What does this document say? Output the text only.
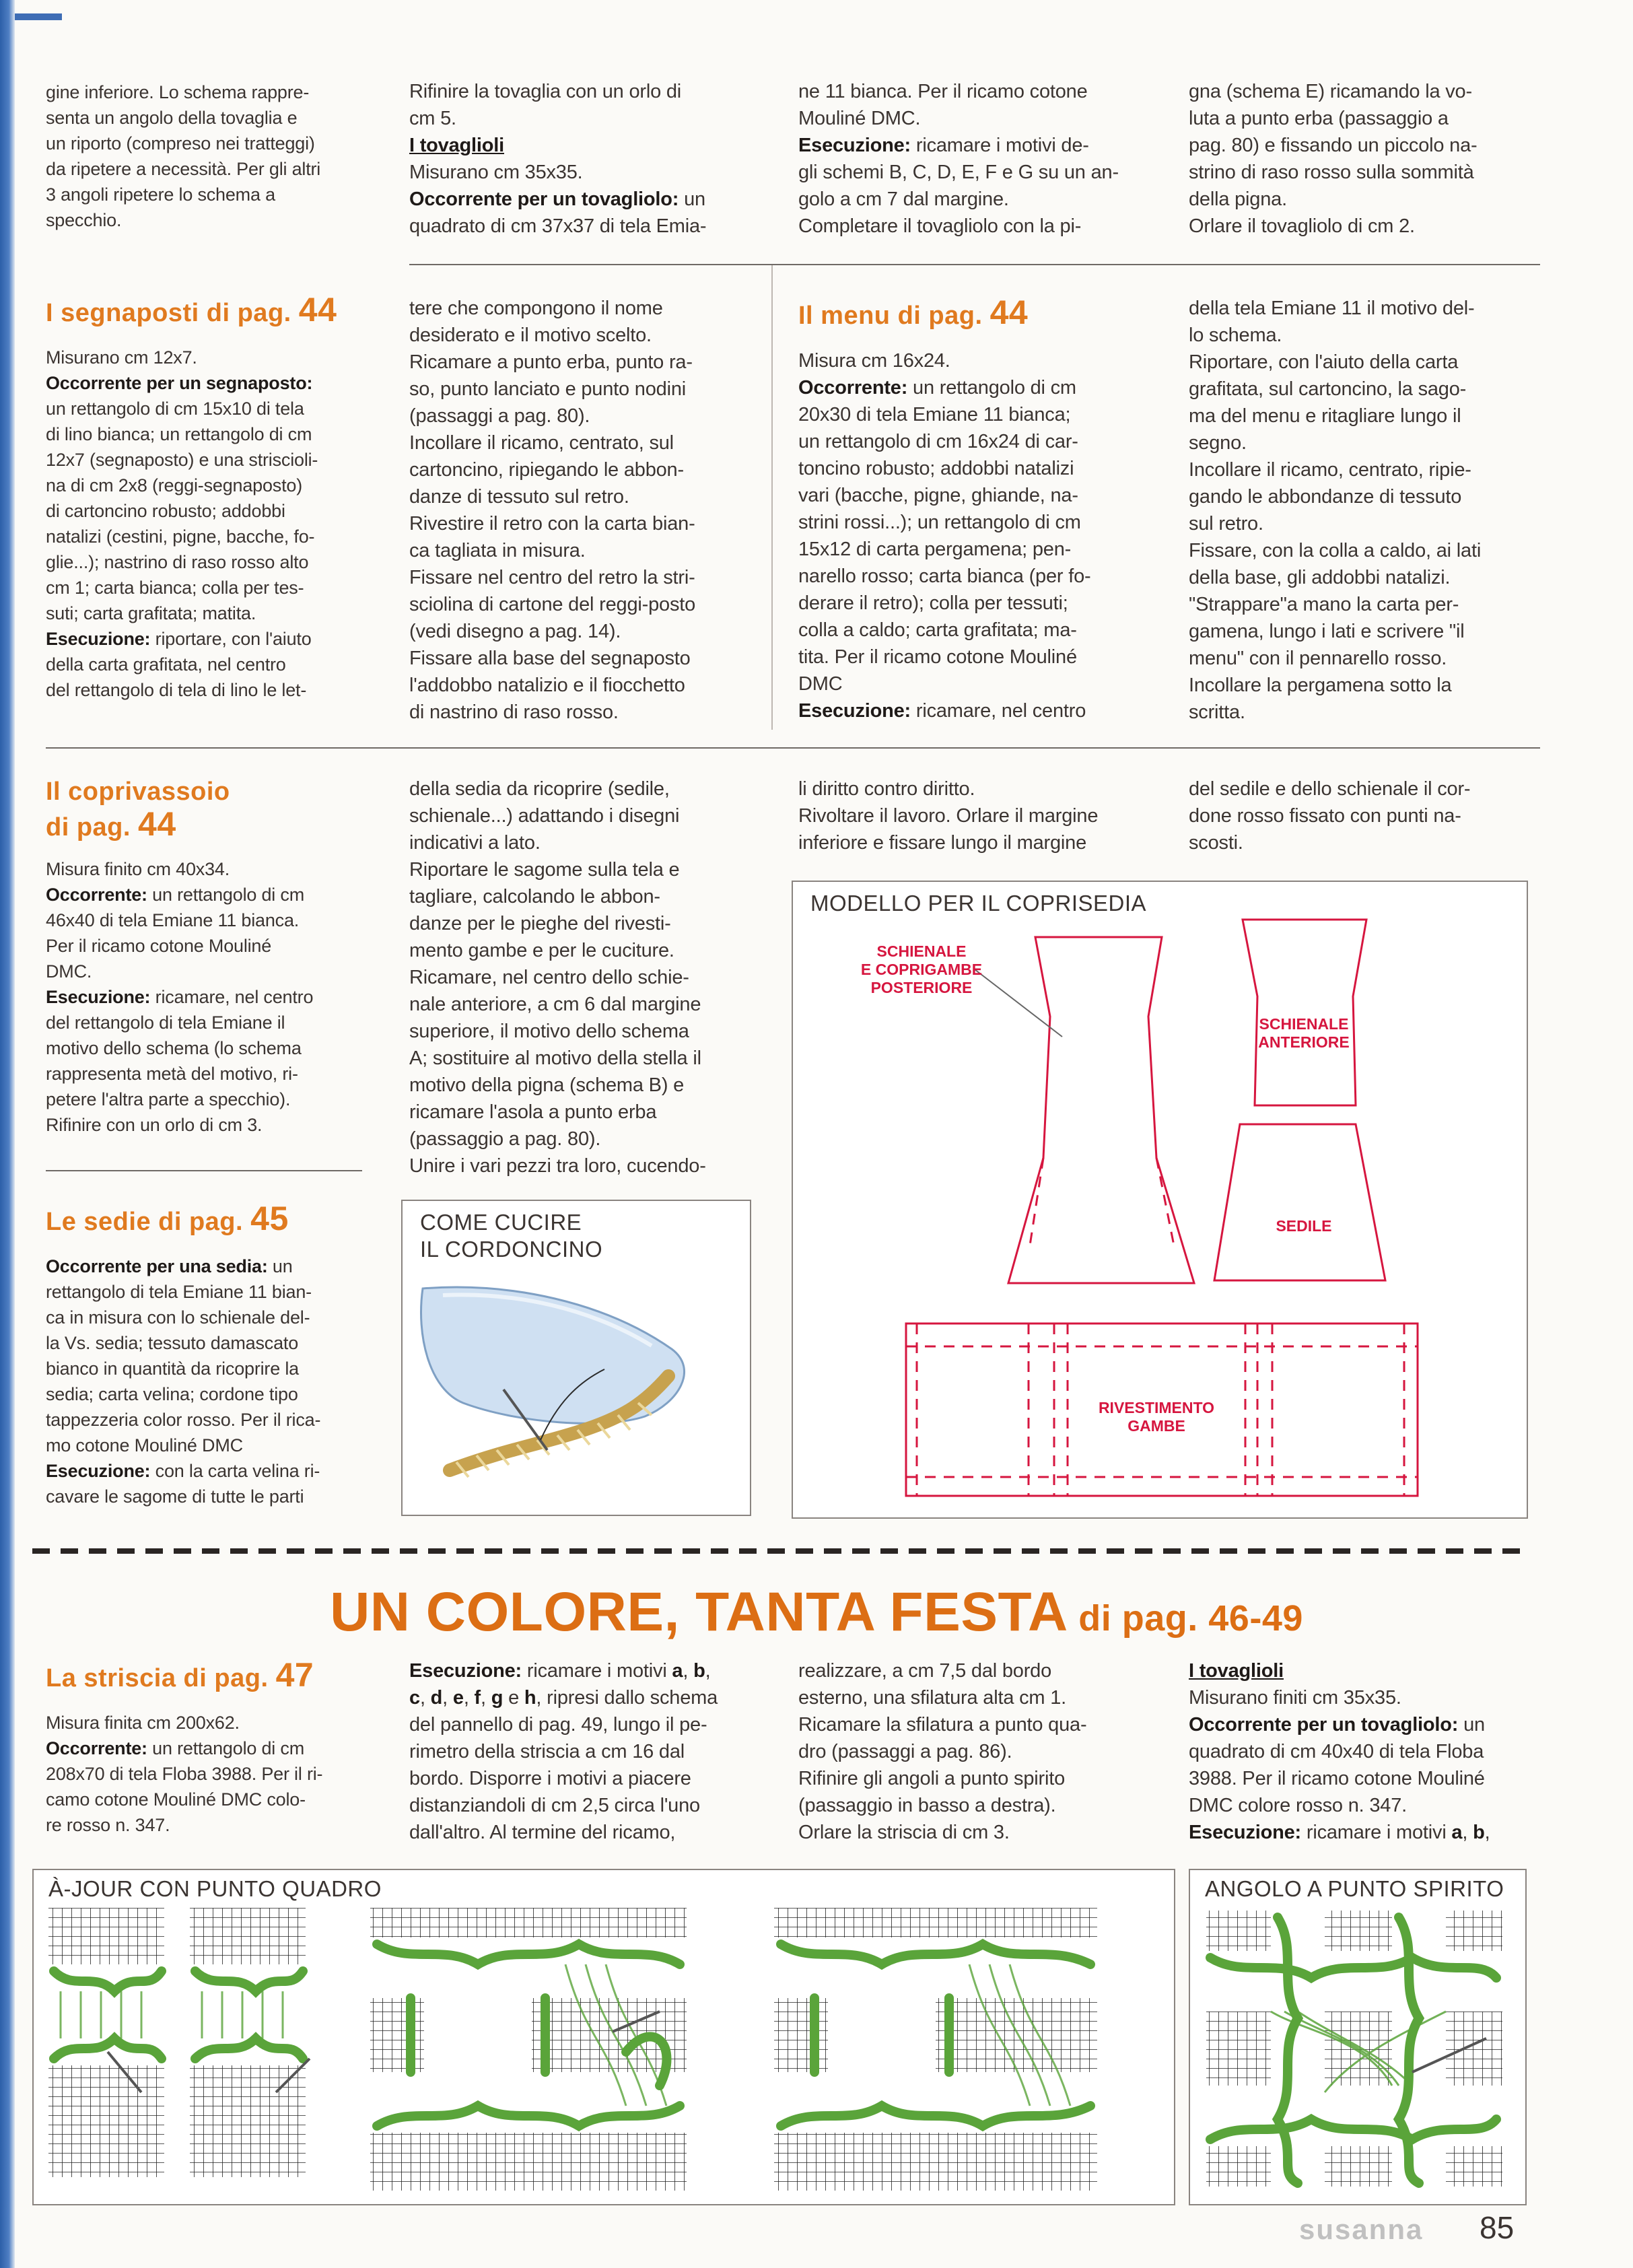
gine inferiore. Lo schema rappre-
senta un angolo della tovaglia e
un riporto (compreso nei tratteggi)
da ripetere a necessità. Per gli altri
3 angoli ripetere lo schema a
specchio.
Rifinire la tovaglia con un orlo di
cm 5.
I tovaglioli
Misurano cm 35x35.
Occorrente per un tovagliolo: un
quadrato di cm 37x37 di tela Emia-
ne 11 bianca. Per il ricamo cotone
Mouliné DMC.
Esecuzione: ricamare i motivi de-
gli schemi B, C, D, E, F e G su un an-
golo a cm 7 dal margine.
Completare il tovagliolo con la pi-
gna (schema E) ricamando la vo-
luta a punto erba (passaggio a
pag. 80) e fissando un piccolo na-
strino di raso rosso sulla sommità
della pigna.
Orlare il tovagliolo di cm 2.
I segnaposti di pag. 44
Misurano cm 12x7.
Occorrente per un segnaposto:
un rettangolo di cm 15x10 di tela
di lino bianca; un rettangolo di cm
12x7 (segnaposto) e una striscioli-
na di cm 2x8 (reggi-segnaposto)
di cartoncino robusto; addobbi
natalizi (cestini, pigne, bacche, fo-
glie...); nastrino di raso rosso alto
cm 1; carta bianca; colla per tes-
suti; carta grafitata; matita.
Esecuzione: riportare, con l'aiuto
della carta grafitata, nel centro
del rettangolo di tela di lino le let-
tere che compongono il nome
desiderato e il motivo scelto.
Ricamare a punto erba, punto ra-
so, punto lanciato e punto nodini
(passaggi a pag. 80).
Incollare il ricamo, centrato, sul
cartoncino, ripiegando le abbon-
danze di tessuto sul retro.
Rivestire il retro con la carta bian-
ca tagliata in misura.
Fissare nel centro del retro la stri-
sciolina di cartone del reggi-posto
(vedi disegno a pag. 14).
Fissare alla base del segnaposto
l'addobbo natalizio e il fiocchetto
di nastrino di raso rosso.
Il menu di pag. 44
Misura cm 16x24.
Occorrente: un rettangolo di cm
20x30 di tela Emiane 11 bianca;
un rettangolo di cm 16x24 di car-
toncino robusto; addobbi natalizi
vari (bacche, pigne, ghiande, na-
strini rossi...); un rettangolo di cm
15x12 di carta pergamena; pen-
narello rosso; carta bianca (per fo-
derare il retro); colla per tessuti;
colla a caldo; carta grafitata; ma-
tita. Per il ricamo cotone Mouliné
DMC
Esecuzione: ricamare, nel centro
della tela Emiane 11 il motivo del-
lo schema.
Riportare, con l'aiuto della carta
grafitata, sul cartoncino, la sago-
ma del menu e ritagliare lungo il
segno.
Incollare il ricamo, centrato, ripie-
gando le abbondanze di tessuto
sul retro.
Fissare, con la colla a caldo, ai lati
della base, gli addobbi natalizi.
"Strappare"a mano la carta per-
gamena, lungo i lati e scrivere "il
menu" con il pennarello rosso.
Incollare la pergamena sotto la
scritta.
Il coprivassoio
di pag. 44
Misura finito cm 40x34.
Occorrente: un rettangolo di cm
46x40 di tela Emiane 11 bianca.
Per il ricamo cotone Mouliné
DMC.
Esecuzione: ricamare, nel centro
del rettangolo di tela Emiane il
motivo dello schema (lo schema
rappresenta metà del motivo, ri-
petere l'altra parte a specchio).
Rifinire con un orlo di cm 3.
Le sedie di pag. 45
Occorrente per una sedia: un
rettangolo di tela Emiane 11 bian-
ca in misura con lo schienale del-
la Vs. sedia; tessuto damascato
bianco in quantità da ricoprire la
sedia; carta velina; cordone tipo
tappezzeria color rosso. Per il rica-
mo cotone Mouliné DMC
Esecuzione: con la carta velina ri-
cavare le sagome di tutte le parti
della sedia da ricoprire (sedile,
schienale...) adattando i disegni
indicativi a lato.
Riportare le sagome sulla tela e
tagliare, calcolando le abbon-
danze per le pieghe del rivesti-
mento gambe e per le cuciture.
Ricamare, nel centro dello schie-
nale anteriore, a cm 6 dal margine
superiore, il motivo dello schema
A; sostituire al motivo della stella il
motivo della pigna (schema B) e
ricamare l'asola a punto erba
(passaggio a pag. 80).
Unire i vari pezzi tra loro, cucendo-
li diritto contro diritto.
Rivoltare il lavoro. Orlare il margine
inferiore e fissare lungo il margine
del sedile e dello schienale il cor-
done rosso fissato con punti na-
scosti.
COME CUCIRE
IL CORDONCINO
MODELLO PER IL COPRISEDIA
SCHIENALE
E COPRIGAMBE
POSTERIORE
SCHIENALE
ANTERIORE
SEDILE
RIVESTIMENTO
GAMBE
UN COLORE, TANTA FESTA di pag. 46-49
La striscia di pag. 47
Misura finita cm 200x62.
Occorrente: un rettangolo di cm
208x70 di tela Floba 3988. Per il ri-
camo cotone Mouliné DMC colo-
re rosso n. 347.
Esecuzione: ricamare i motivi a, b,
c, d, e, f, g e h, ripresi dallo schema
del pannello di pag. 49, lungo il pe-
rimetro della striscia a cm 16 dal
bordo. Disporre i motivi a piacere
distanziandoli di cm 2,5 circa l'uno
dall'altro. Al termine del ricamo,
realizzare, a cm 7,5 dal bordo
esterno, una sfilatura alta cm 1.
Ricamare la sfilatura a punto qua-
dro (passaggi a pag. 86).
Rifinire gli angoli a punto spirito
(passaggio in basso a destra).
Orlare la striscia di cm 3.
I tovaglioli
Misurano finiti cm 35x35.
Occorrente per un tovagliolo: un
quadrato di cm 40x40 di tela Floba
3988. Per il ricamo cotone Mouliné
DMC colore rosso n. 347.
Esecuzione: ricamare i motivi a, b,
À-JOUR CON PUNTO QUADRO	ANGOLO A PUNTO SPIRITO
susanna 85
